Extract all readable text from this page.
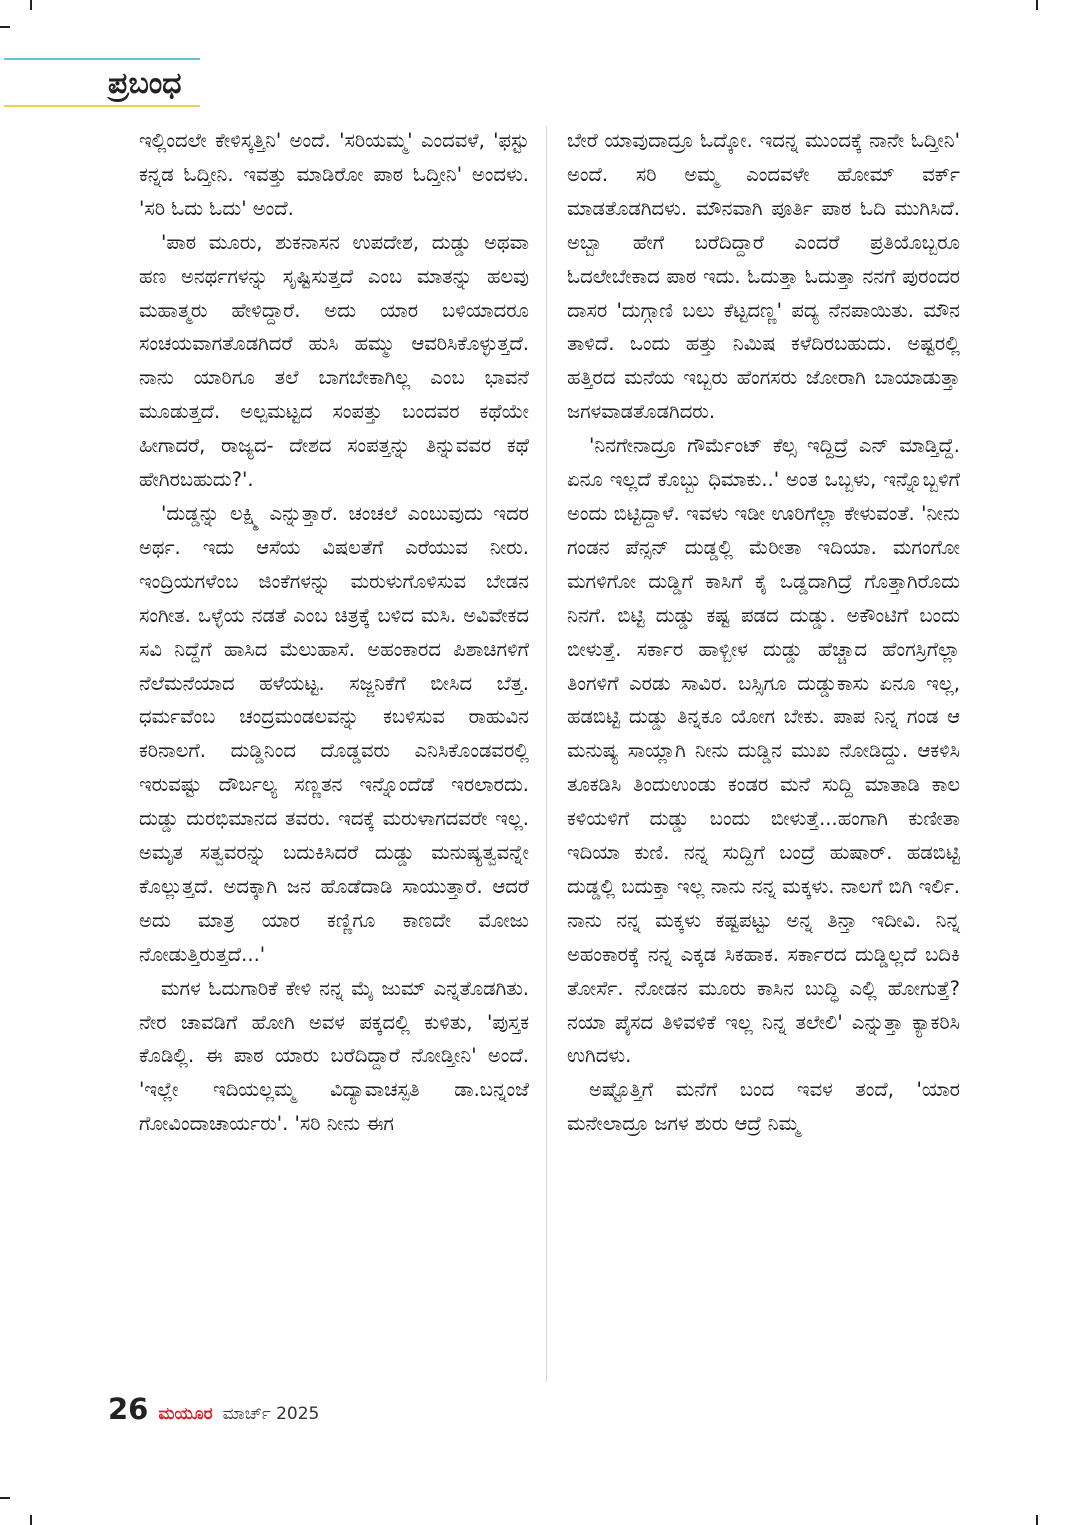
ಪ್ರಬಂಧ

ಇಲ್ಲಿಂದಲೇ ಕೇಳಿಸ್ಕತ್ತಿನಿ' ಅಂದೆ. 'ಸರಿಯಮ್ಮ' ಎಂದವಳೆ, 'ಫಸ್ಟು ಕನ್ನಡ ಓದ್ತೀನಿ. ಇವತ್ತು ಮಾಡಿರೋ ಪಾಠ ಓದ್ತೀನಿ' ಅಂದಳು. 'ಸರಿ ಓದು ಓದು' ಅಂದೆ.

'ಪಾಠ ಮೂರು, ಶುಕನಾಸನ ಉಪದೇಶ, ದುಡ್ಡು ಅಥವಾ ಹಣ ಅನರ್ಥಗಳನ್ನು ಸೃಷ್ಟಿಸುತ್ತದೆ ಎಂಬ ಮಾತನ್ನು ಹಲವು ಮಹಾತ್ಮರು ಹೇಳಿದ್ದಾರೆ. ಅದು ಯಾರ ಬಳಿಯಾದರೂ ಸಂಚಯವಾಗತೊಡಗಿದರೆ ಹುಸಿ ಹಮ್ಮು ಆವರಿಸಿಕೊಳ್ಳುತ್ತದೆ. ನಾನು ಯಾರಿಗೂ ತಲೆ ಬಾಗಬೇಕಾಗಿಲ್ಲ ಎಂಬ ಭಾವನೆ ಮೂಡುತ್ತದೆ. ಅಲ್ಪಮಟ್ಟದ ಸಂಪತ್ತು ಬಂದವರ ಕಥೆಯೇ ಹೀಗಾದರೆ, ರಾಜ್ಯದ- ದೇಶದ ಸಂಪತ್ತನ್ನು ತಿನ್ನುವವರ ಕಥೆ ಹೇಗಿರಬಹುದು?'.

'ದುಡ್ಡನ್ನು ಲಕ್ಷ್ಮಿ ಎನ್ನುತ್ತಾರೆ. ಚಂಚಲೆ ಎಂಬುವುದು ಇದರ ಅರ್ಥ. ಇದು ಆಸೆಯ ವಿಷಲತೆಗೆ ಎರೆಯುವ ನೀರು. ಇಂದ್ರಿಯಗಳೆಂಬ ಜಿಂಕೆಗಳನ್ನು ಮರುಳುಗೊಳಿಸುವ ಬೇಡನ ಸಂಗೀತ. ಒಳ್ಳೆಯ ನಡತೆ ಎಂಬ ಚಿತ್ರಕ್ಕೆ ಬಳಿದ ಮಸಿ. ಅವಿವೇಕದ ಸವಿ ನಿದ್ದೆಗೆ ಹಾಸಿದ ಮೆಲುಹಾಸೆ. ಅಹಂಕಾರದ ಪಿಶಾಚಿಗಳಿಗೆ ನೆಲೆಮನೆಯಾದ ಹಳೆಯಟ್ಟ. ಸಜ್ಜನಿಕೆಗೆ ಬೀಸಿದ ಬೆತ್ತ. ಧರ್ಮವೆಂಬ ಚಂದ್ರಮಂಡಲವನ್ನು ಕಬಳಿಸುವ ರಾಹುವಿನ ಕರಿನಾಲಗೆ. ದುಡ್ಡಿನಿಂದ ದೊಡ್ಡವರು ಎನಿಸಿಕೊಂಡವರಲ್ಲಿ ಇರುವಷ್ಟು ದೌರ್ಬಲ್ಯ ಸಣ್ಣತನ ಇನ್ನೊಂದೆಡೆ ಇರಲಾರದು. ದುಡ್ಡು ದುರಭಿಮಾನದ ತವರು. ಇದಕ್ಕೆ ಮರುಳಾಗದವರೇ ಇಲ್ಲ. ಅಮೃತ ಸತ್ವವರನ್ನು ಬದುಕಿಸಿದರೆ ದುಡ್ಡು ಮನುಷ್ಯತ್ವವನ್ನೇ ಕೊಲ್ಲುತ್ತದೆ. ಅದಕ್ಕಾಗಿ ಜನ ಹೊಡೆದಾಡಿ ಸಾಯುತ್ತಾರೆ. ಆದರೆ ಅದು ಮಾತ್ರ ಯಾರ ಕಣ್ಣಿಗೂ ಕಾಣದೇ ಮೋಜು ನೋಡುತ್ತಿರುತ್ತದೆ...'

ಮಗಳ ಓದುಗಾರಿಕೆ ಕೇಳಿ ನನ್ನ ಮೈ ಜುಮ್ ಎನ್ನತೊಡಗಿತು. ನೇರ ಚಾವಡಿಗೆ ಹೋಗಿ ಅವಳ ಪಕ್ಕದಲ್ಲಿ ಕುಳಿತು, 'ಪುಸ್ತಕ ಕೊಡಿಲ್ಲಿ. ಈ ಪಾಠ ಯಾರು ಬರೆದಿದ್ದಾರೆ ನೋಡ್ತೀನಿ' ಅಂದೆ. 'ಇಲ್ಲೇ ಇದಿಯಲ್ಲಮ್ಮ ವಿದ್ಯಾವಾಚಸ್ಪತಿ ಡಾ.ಬನ್ನಂಜೆ ಗೋವಿಂದಾಚಾರ್ಯರು'. 'ಸರಿ ನೀನು ಈಗ

ಬೇರೆ ಯಾವುದಾದ್ರೂ ಓದ್ಕೋ. ಇದನ್ನ ಮುಂದಕ್ಕೆ ನಾನೇ ಓದ್ತೀನಿ' ಅಂದೆ. ಸರಿ ಅಮ್ಮ ಎಂದವಳೇ ಹೋಮ್ ವರ್ಕ್ ಮಾಡತೊಡಗಿದಳು. ಮೌನವಾಗಿ ಪೂರ್ತಿ ಪಾಠ ಓದಿ ಮುಗಿಸಿದೆ. ಅಬ್ಬಾ ಹೇಗೆ ಬರೆದಿದ್ದಾರೆ ಎಂದರೆ ಪ್ರತಿಯೊಬ್ಬರೂ ಓದಲೇಬೇಕಾದ ಪಾಠ ಇದು. ಓದುತ್ತಾ ಓದುತ್ತಾ ನನಗೆ ಪುರಂದರ ದಾಸರ 'ದುಗ್ಗಾಣಿ ಬಲು ಕೆಟ್ಟದಣ್ಣ' ಪದ್ಯ ನೆನಪಾಯಿತು. ಮೌನ ತಾಳಿದೆ. ಒಂದು ಹತ್ತು ನಿಮಿಷ ಕಳೆದಿರಬಹುದು. ಅಷ್ಟರಲ್ಲಿ ಹತ್ತಿರದ ಮನೆಯ ಇಬ್ಬರು ಹೆಂಗಸರು ಜೋರಾಗಿ ಬಾಯಾಡುತ್ತಾ ಜಗಳವಾಡತೊಡಗಿದರು.

'ನಿನಗೇನಾದ್ರೂ ಗೌರ್ಮೆಂಟ್ ಕೆಲ್ಸ ಇದ್ದಿದ್ರೆ ಎನ್ ಮಾಡ್ತಿದ್ದೆ. ಏನೂ ಇಲ್ಲದೆ ಕೊಬ್ಬು ಧಿಮಾಕು..' ಅಂತ ಒಬ್ಬಳು, ಇನ್ನೊಬ್ಬಳಿಗೆ ಅಂದು ಬಿಟ್ಟಿದ್ದಾಳೆ. ಇವಳು ಇಡೀ ಊರಿಗೆಲ್ಲಾ ಕೇಳುವಂತೆ. 'ನೀನು ಗಂಡನ ಪೆನ್ಸನ್ ದುಡ್ಡಲ್ಲಿ ಮೆರೀತಾ ಇದಿಯಾ. ಮಗಂಗೋ ಮಗಳಿಗೋ ದುಡ್ಡಿಗೆ ಕಾಸಿಗೆ ಕೈ ಒಡ್ಡದಾಗಿದ್ರೆ ಗೊತ್ತಾಗಿರೊದು ನಿನಗೆ. ಬಿಟ್ಟಿ ದುಡ್ಡು ಕಷ್ಟ ಪಡದ ದುಡ್ಡು. ಅಕೌಂಟಿಗೆ ಬಂದು ಬೀಳುತ್ತೆ. ಸರ್ಕಾರ ಹಾಳ್ಬೀಳ ದುಡ್ಡು ಹೆಚ್ಚಾದ ಹೆಂಗಸ್ರಿಗೆಲ್ಲಾ ತಿಂಗಳಿಗೆ ಎರಡು ಸಾವಿರ. ಬಸ್ಸಿಗೂ ದುಡ್ಡುಕಾಸು ಏನೂ ಇಲ್ಲ, ಹಡಬಿಟ್ಟಿ ದುಡ್ಡು ತಿನ್ನಕೂ ಯೋಗ ಬೇಕು. ಪಾಪ ನಿನ್ನ ಗಂಡ ಆ ಮನುಷ್ಯ ಸಾಯ್ಲಾಗಿ ನೀನು ದುಡ್ಡಿನ ಮುಖ ನೋಡಿದ್ದು. ಆಕಳಿಸಿ ತೂಕಡಿಸಿ ತಿಂದುಉಂಡು ಕಂಡರ ಮನೆ ಸುದ್ದಿ ಮಾತಾಡಿ ಕಾಲ ಕಳಿಯಳಿಗೆ ದುಡ್ಡು ಬಂದು ಬೀಳುತ್ತೆ...ಹಂಗಾಗಿ ಕುಣೀತಾ ಇದಿಯಾ ಕುಣಿ. ನನ್ನ ಸುದ್ದಿಗೆ ಬಂದ್ರೆ ಹುಷಾರ್. ಹಡಬಿಟ್ಟಿ ದುಡ್ಡಲ್ಲಿ ಬದುಕ್ತಾ ಇಲ್ಲ ನಾನು ನನ್ನ ಮಕ್ಕಳು. ನಾಲಗೆ ಬಿಗಿ ಇರ್ಲಿ. ನಾನು ನನ್ನ ಮಕ್ಕಳು ಕಷ್ಟಪಟ್ಟು ಅನ್ನ ತಿನ್ತಾ ಇದೀವಿ. ನಿನ್ನ ಅಹಂಕಾರಕ್ಕೆ ನನ್ನ ಎಕ್ಕಡ ಸಿಕಹಾಕ. ಸರ್ಕಾರದ ದುಡ್ಡಿಲ್ಲದೆ ಬದಿಕಿ ತೋರ್ಸೆ. ನೋಡನ ಮೂರು ಕಾಸಿನ ಬುದ್ಧಿ ಎಲ್ಲಿ ಹೋಗುತ್ತೆ? ನಯಾ ಪೈಸದ ತಿಳಿವಳಿಕೆ ಇಲ್ಲ ನಿನ್ನ ತಲೇಲಿ' ಎನ್ನುತ್ತಾ ಕ್ಯಾಕರಿಸಿ ಉಗಿದಳು.

ಅಷ್ಟೊತ್ತಿಗೆ ಮನೆಗೆ ಬಂದ ಇವಳ ತಂದೆ, 'ಯಾರ ಮನೇಲಾದ್ರೂ ಜಗಳ ಶುರು ಆದ್ರೆ ನಿಮ್ಮ

26 ಮಯೂರ ಮಾರ್ಚ್ 2025
